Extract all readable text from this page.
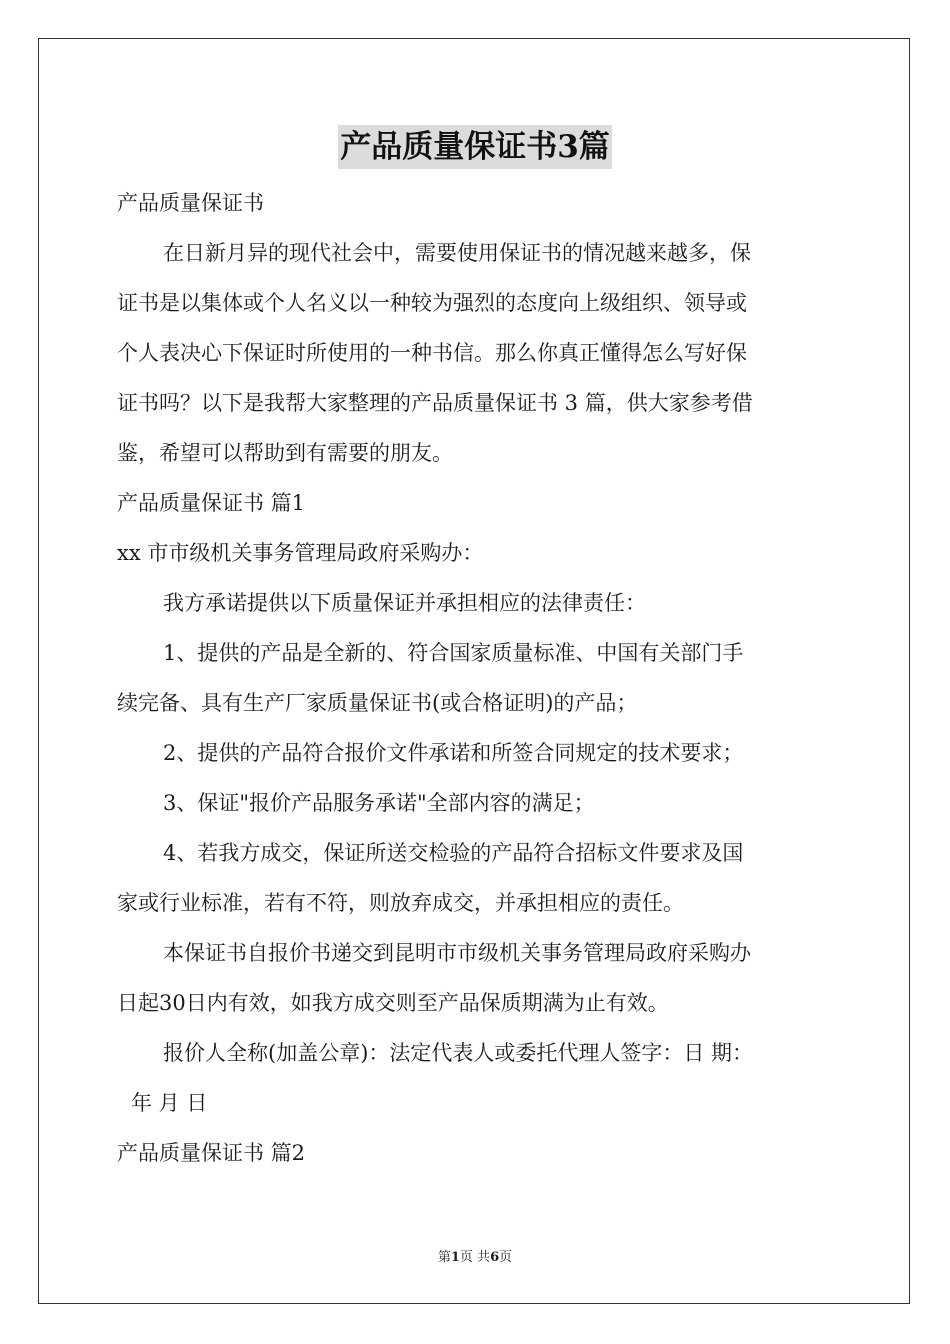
产品质量保证书3篇
产品质量保证书
在日新月异的现代社会中，需要使用保证书的情况越来越多，保
证书是以集体或个人名义以一种较为强烈的态度向上级组织、领导或
个人表决心下保证时所使用的一种书信。那么你真正懂得怎么写好保
证书吗？以下是我帮大家整理的产品质量保证书 3 篇，供大家参考借
鉴，希望可以帮助到有需要的朋友。
产品质量保证书 篇1
xx 市市级机关事务管理局政府采购办：
我方承诺提供以下质量保证并承担相应的法律责任：
1、提供的产品是全新的、符合国家质量标准、中国有关部门手
续完备、具有生产厂家质量保证书(或合格证明)的产品；
2、提供的产品符合报价文件承诺和所签合同规定的技术要求；
3、保证"报价产品服务承诺"全部内容的满足；
4、若我方成交，保证所送交检验的产品符合招标文件要求及国
家或行业标准，若有不符，则放弃成交，并承担相应的责任。
本保证书自报价书递交到昆明市市级机关事务管理局政府采购办
日起30日内有效，如我方成交则至产品保质期满为止有效。
报价人全称(加盖公章)：法定代表人或委托代理人签字：日 期：
年 月 日
产品质量保证书 篇2
第1页 共6页
